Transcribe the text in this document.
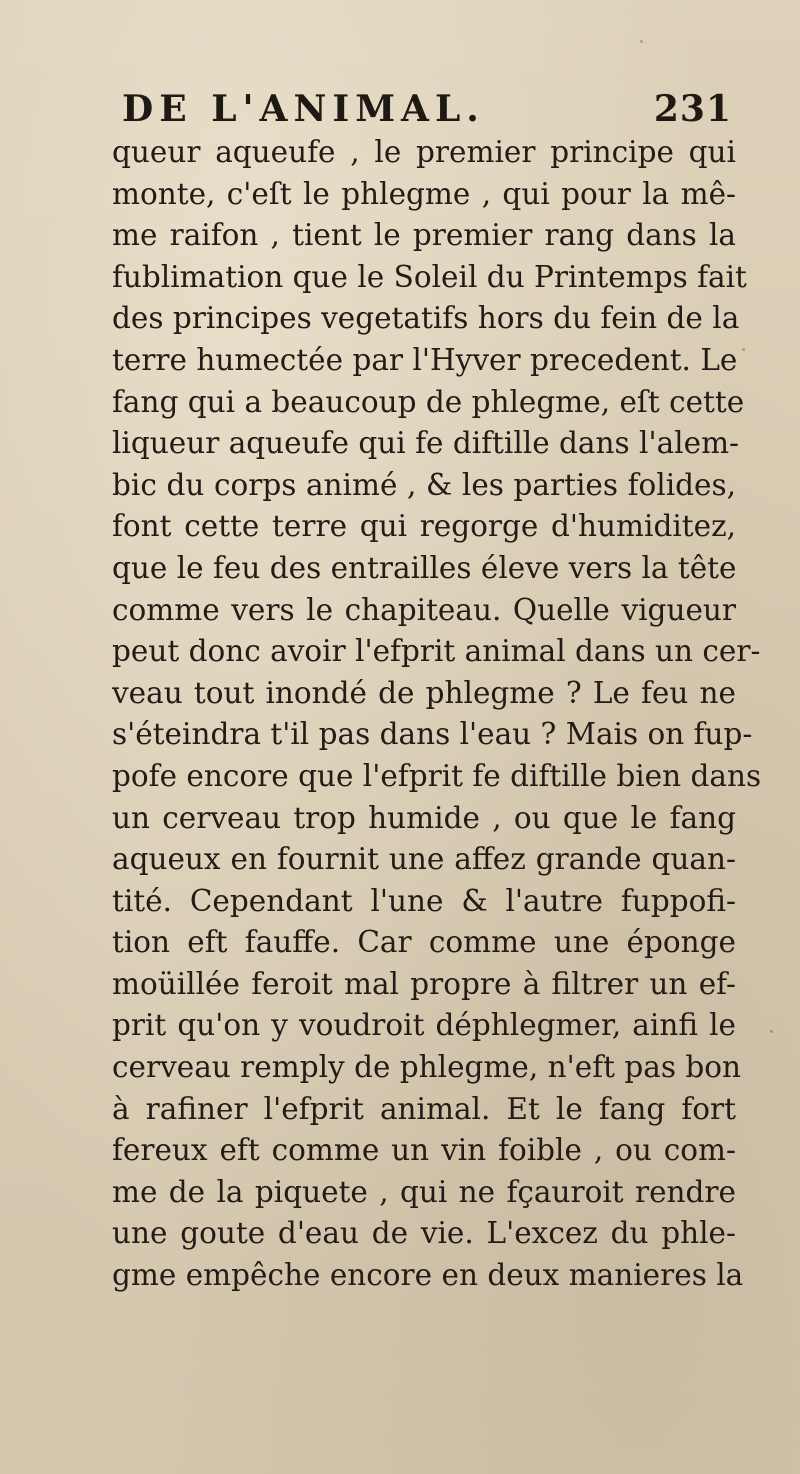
DE L'ANIMAL.	231
queur aqueufe , le premier principe qui
monte, c'eſt le phlegme , qui pour la mê-
me raifon , tient le premier rang dans la
fublimation que le Soleil du Printemps fait
des principes vegetatifs hors du fein de la
terre humectée par l'Hyver precedent. Le
fang qui a beaucoup de phlegme, eſt cette
liqueur aqueufe qui fe diftille dans l'alem-
bic du corps animé , & les parties folides,
font cette terre qui regorge d'humiditez,
que le feu des entrailles éleve vers la tête
comme vers le chapiteau. Quelle vigueur
peut donc avoir l'efprit animal dans un cer-
veau tout inondé de phlegme ? Le feu ne
s'éteindra t'il pas dans l'eau ? Mais on fup-
pofe encore que l'efprit fe diftille bien dans
un cerveau trop humide , ou que le fang
aqueux en fournit une affez grande quan-
tité. Cependant l'une & l'autre fuppofi-
tion eft fauffe. Car comme une éponge
moüillée feroit mal propre à filtrer un ef-
prit qu'on y voudroit déphlegmer, ainfi le
cerveau remply de phlegme, n'eft pas bon
à rafiner l'efprit animal. Et le fang fort
fereux eft comme un vin foible , ou com-
me de la piquete , qui ne fçauroit rendre
une goute d'eau de vie. L'excez du phle-
gme empêche encore en deux manieres la
